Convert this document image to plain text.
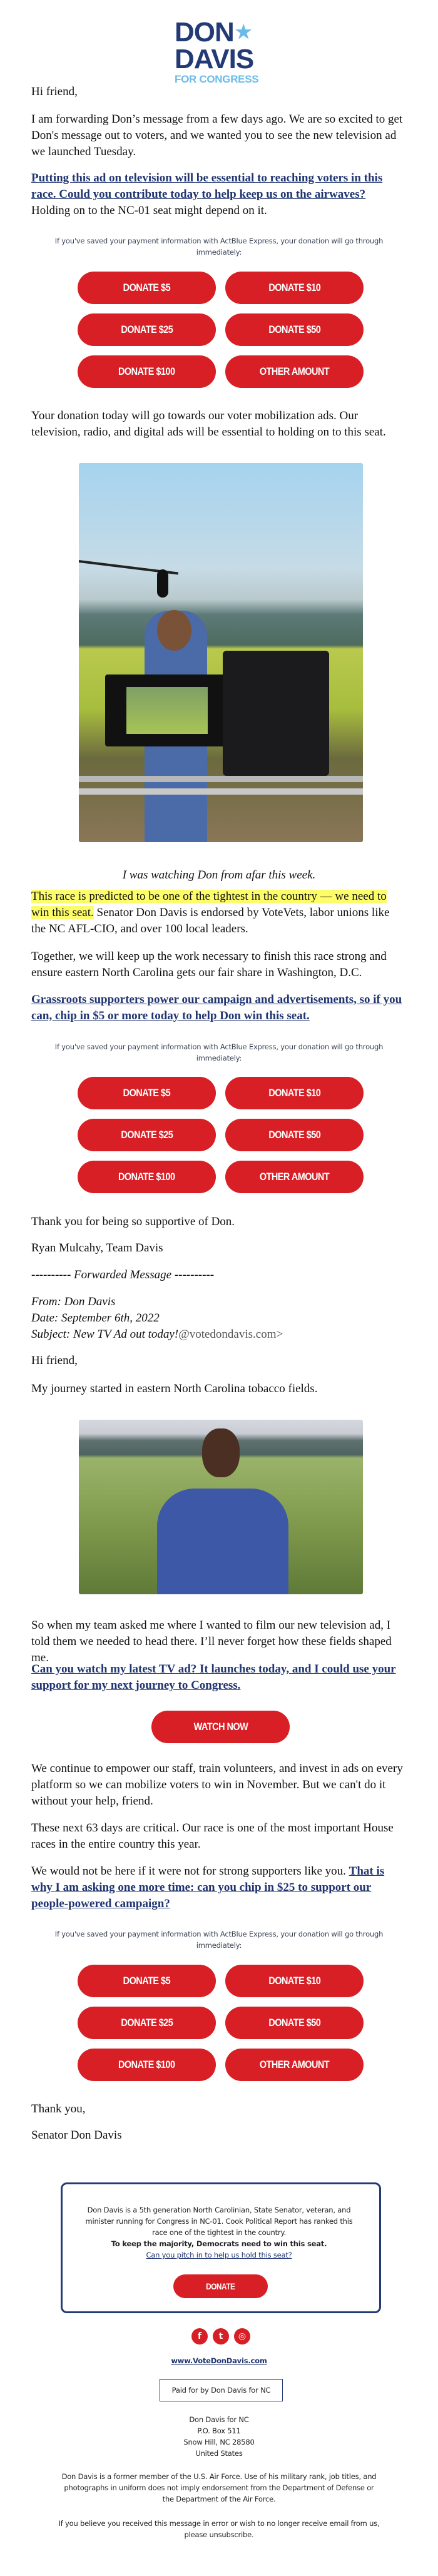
DON★
DAVIS
FOR CONGRESS
Hi friend,
I am forwarding Don’s message from a few days ago. We are so excited to get Don's message out to voters, and we wanted you to see the new television ad we launched Tuesday.
Putting this ad on television will be essential to reaching voters in this race. Could you contribute today to help keep us on the airwaves? Holding on to the NC-01 seat might depend on it.
If you've saved your payment information with ActBlue Express, your donation will go through immediately:
Your donation today will go towards our voter mobilization ads. Our television, radio, and digital ads will be essential to holding on to this seat.
I was watching Don from afar this week.
This race is predicted to be one of the tightest in the country — we need to win this seat. Senator Don Davis is endorsed by VoteVets, labor unions like the NC AFL-CIO, and over 100 local leaders.
Together, we will keep up the work necessary to finish this race strong and ensure eastern North Carolina gets our fair share in Washington, D.C.
Grassroots supporters power our campaign and advertisements, so if you can, chip in $5 or more today to help Don win this seat.
If you've saved your payment information with ActBlue Express, your donation will go through immediately:
Thank you for being so supportive of Don.
Ryan Mulcahy, Team Davis
---------- Forwarded Message ----------
From: Don Davis
Date: September 6th, 2022
Subject: New TV Ad out today!@votedondavis.com>
Hi friend,
My journey started in eastern North Carolina tobacco fields.
So when my team asked me where I wanted to film our new television ad, I told them we needed to head there. I’ll never forget how these fields shaped me.
Can you watch my latest TV ad? It launches today, and I could use your support for my next journey to Congress.
WATCH NOW
We continue to empower our staff, train volunteers, and invest in ads on every platform so we can mobilize voters to win in November. But we can't do it without your help, friend.
These next 63 days are critical. Our race is one of the most important House races in the entire country this year.
We would not be here if it were not for strong supporters like you. That is why I am asking one more time: can you chip in $25 to support our people-powered campaign?
If you've saved your payment information with ActBlue Express, your donation will go through immediately:
Thank you,
Senator Don Davis
Don Davis is a 5th generation North Carolinian, State Senator, veteran, and minister running for Congress in NC-01. Cook Political Report has ranked this race one of the tightest in the country.
To keep the majority, Democrats need to win this seat.
Can you pitch in to help us hold this seat?
DONATE
f t ◎
www.VoteDonDavis.com
Paid for by Don Davis for NC
Don Davis for NC
P.O. Box 511
Snow Hill, NC 28580
United States
Don Davis is a former member of the U.S. Air Force. Use of his military rank, job titles, and photographs in uniform does not imply endorsement from the Department of Defense or the Department of the Air Force.
If you believe you received this message in error or wish to no longer receive email from us, please unsubscribe.
DONATE $5	DONATE $10
DONATE $25	DONATE $50
DONATE $100	OTHER AMOUNT
DONATE $5	DONATE $10
DONATE $25	DONATE $50
DONATE $100	OTHER AMOUNT
DONATE $5	DONATE $10
DONATE $25	DONATE $50
DONATE $100	OTHER AMOUNT
